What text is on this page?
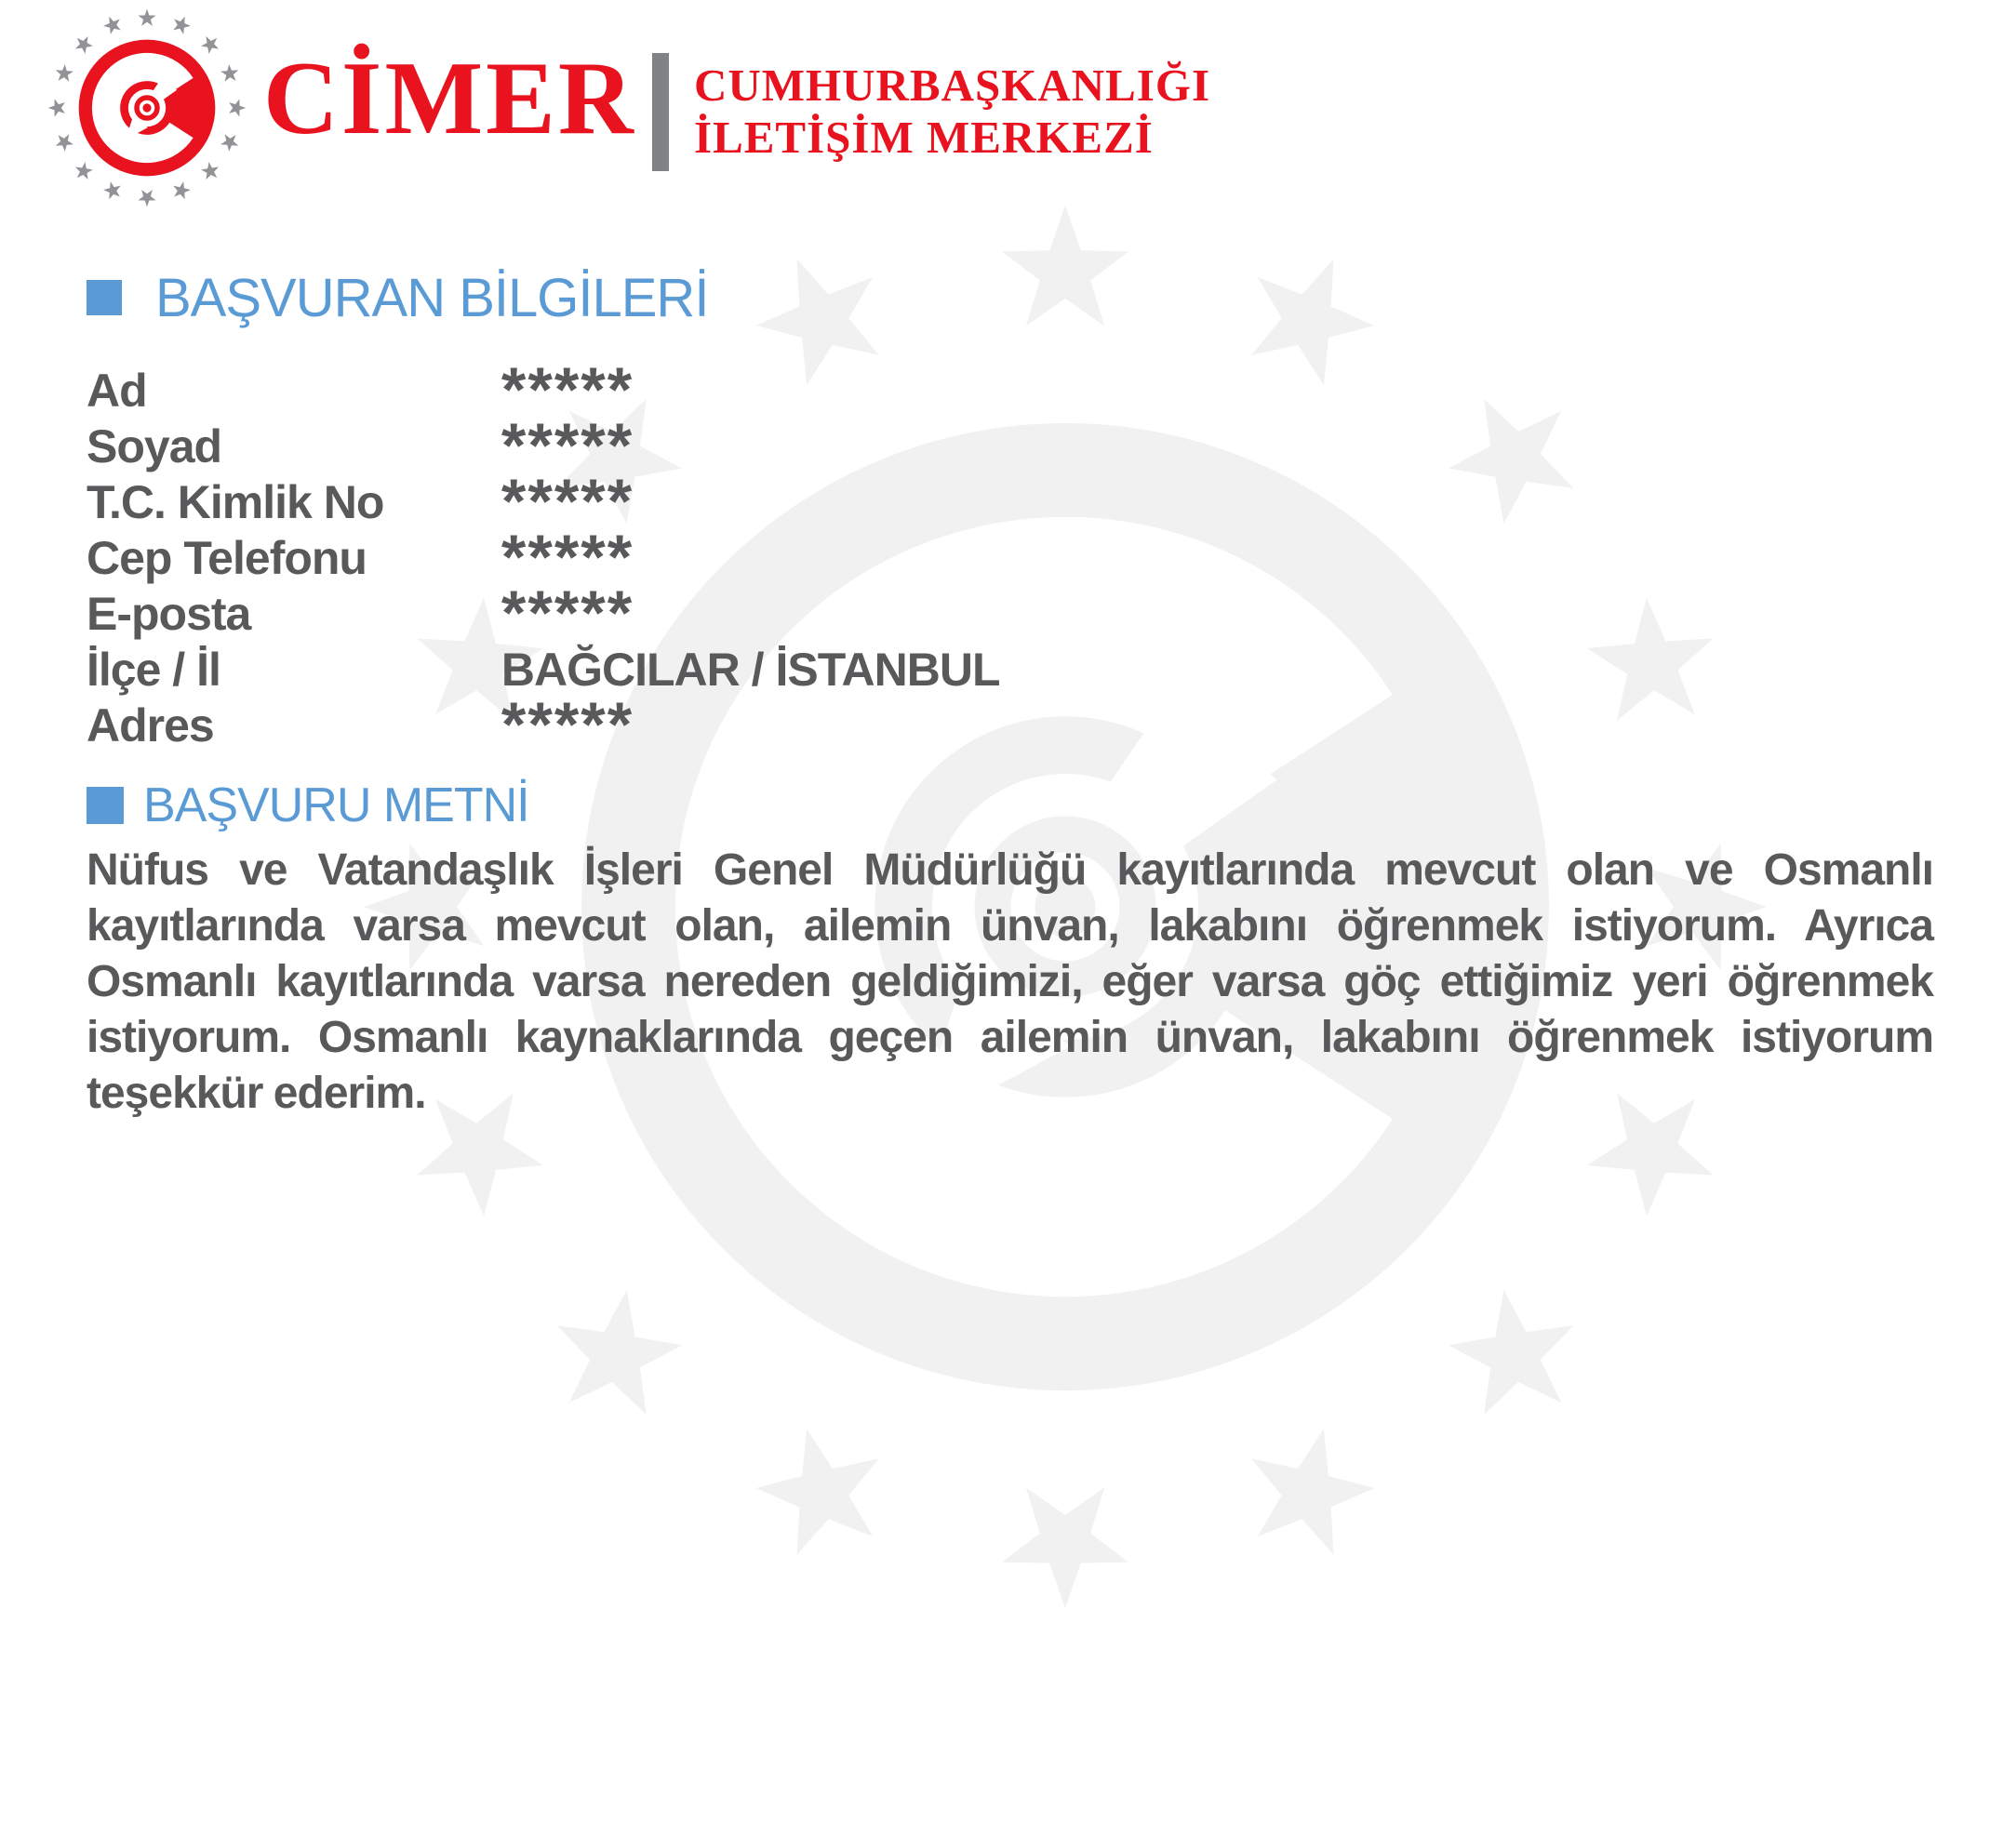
CİMER CUMHURBAŞKANLIĞI
İLETİŞİM MERKEZİ
BAŞVURAN BİLGİLERİ
Ad	*****
Soyad	*****
T.C. Kimlik No *****
Cep Telefonu *****
E-posta	*****
İlçe / İl	BAĞCILAR / İSTANBUL
Adres	*****
BAŞVURU METNİ
Nüfus ve Vatandaşlık İşleri Genel Müdürlüğü kayıtlarında mevcut olan ve Osmanlı kayıtlarında varsa mevcut olan, ailemin ünvan, lakabını öğrenmek istiyorum. Ayrıca Osmanlı kayıtlarında varsa nereden geldiğimizi, eğer varsa göç ettiğimiz yeri öğrenmek istiyorum. Osmanlı kaynaklarında geçen ailemin ünvan, lakabını öğrenmek istiyorum teşekkür ederim.
